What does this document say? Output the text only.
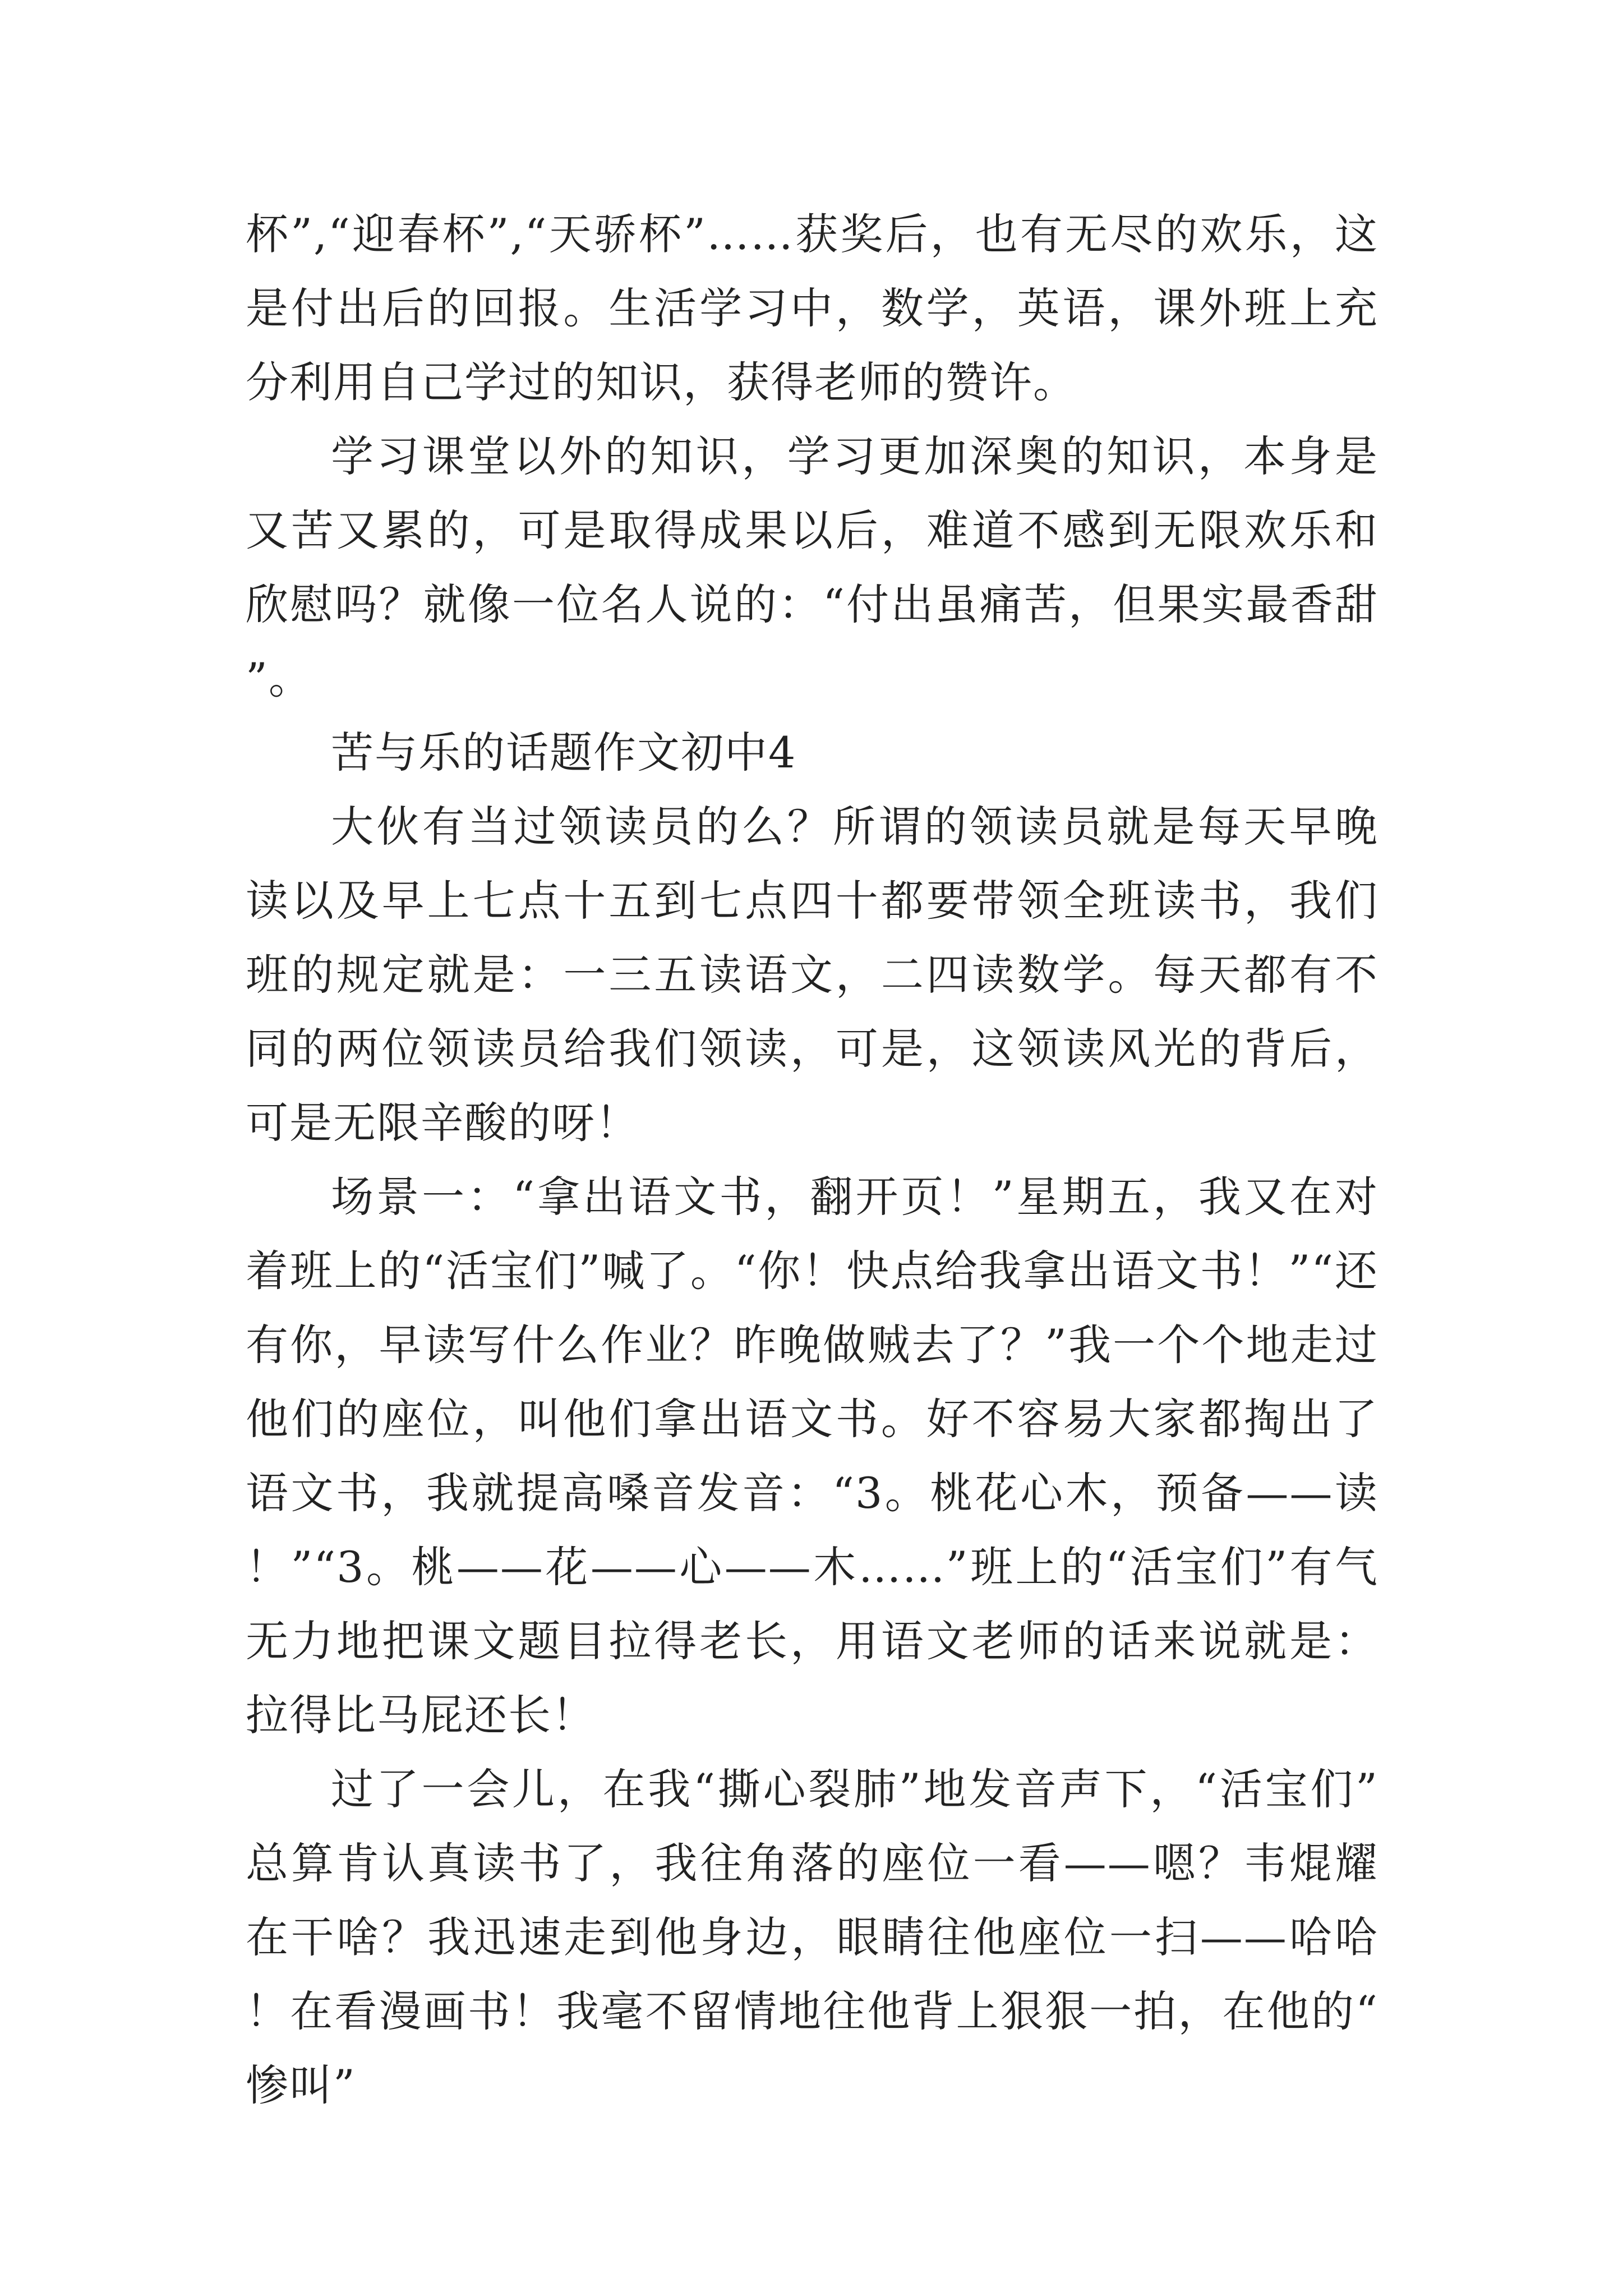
杯”,“迎春杯”,“天骄杯”……获奖后，也有无尽的欢乐，这是付出后的回报。生活学习中，数学，英语，课外班上充分利用自己学过的知识，获得老师的赞许。

学习课堂以外的知识，学习更加深奥的知识，本身是又苦又累的，可是取得成果以后，难道不感到无限欢乐和欣慰吗？就像一位名人说的：“付出虽痛苦，但果实最香甜”。

苦与乐的话题作文初中4

大伙有当过领读员的么？所谓的领读员就是每天早晚读以及早上七点十五到七点四十都要带领全班读书，我们班的规定就是：一三五读语文，二四读数学。每天都有不同的两位领读员给我们领读，可是，这领读风光的背后，可是无限辛酸的呀！

场景一：“拿出语文书，翻开页！”星期五，我又在对着班上的“活宝们”喊了。“你！快点给我拿出语文书！”“还有你，早读写什么作业？昨晚做贼去了？”我一个个地走过他们的座位，叫他们拿出语文书。好不容易大家都掏出了语文书，我就提高嗓音发音：“3。桃花心木，预备——读！”“3。桃——花——心——木……”班上的“活宝们”有气无力地把课文题目拉得老长，用语文老师的话来说就是：拉得比马屁还长！

过了一会儿，在我“撕心裂肺”地发音声下，“活宝们”总算肯认真读书了，我往角落的座位一看——嗯？韦焜耀在干啥？我迅速走到他身边，眼睛往他座位一扫——哈哈！在看漫画书！我毫不留情地往他背上狠狠一拍，在他的“惨叫”
